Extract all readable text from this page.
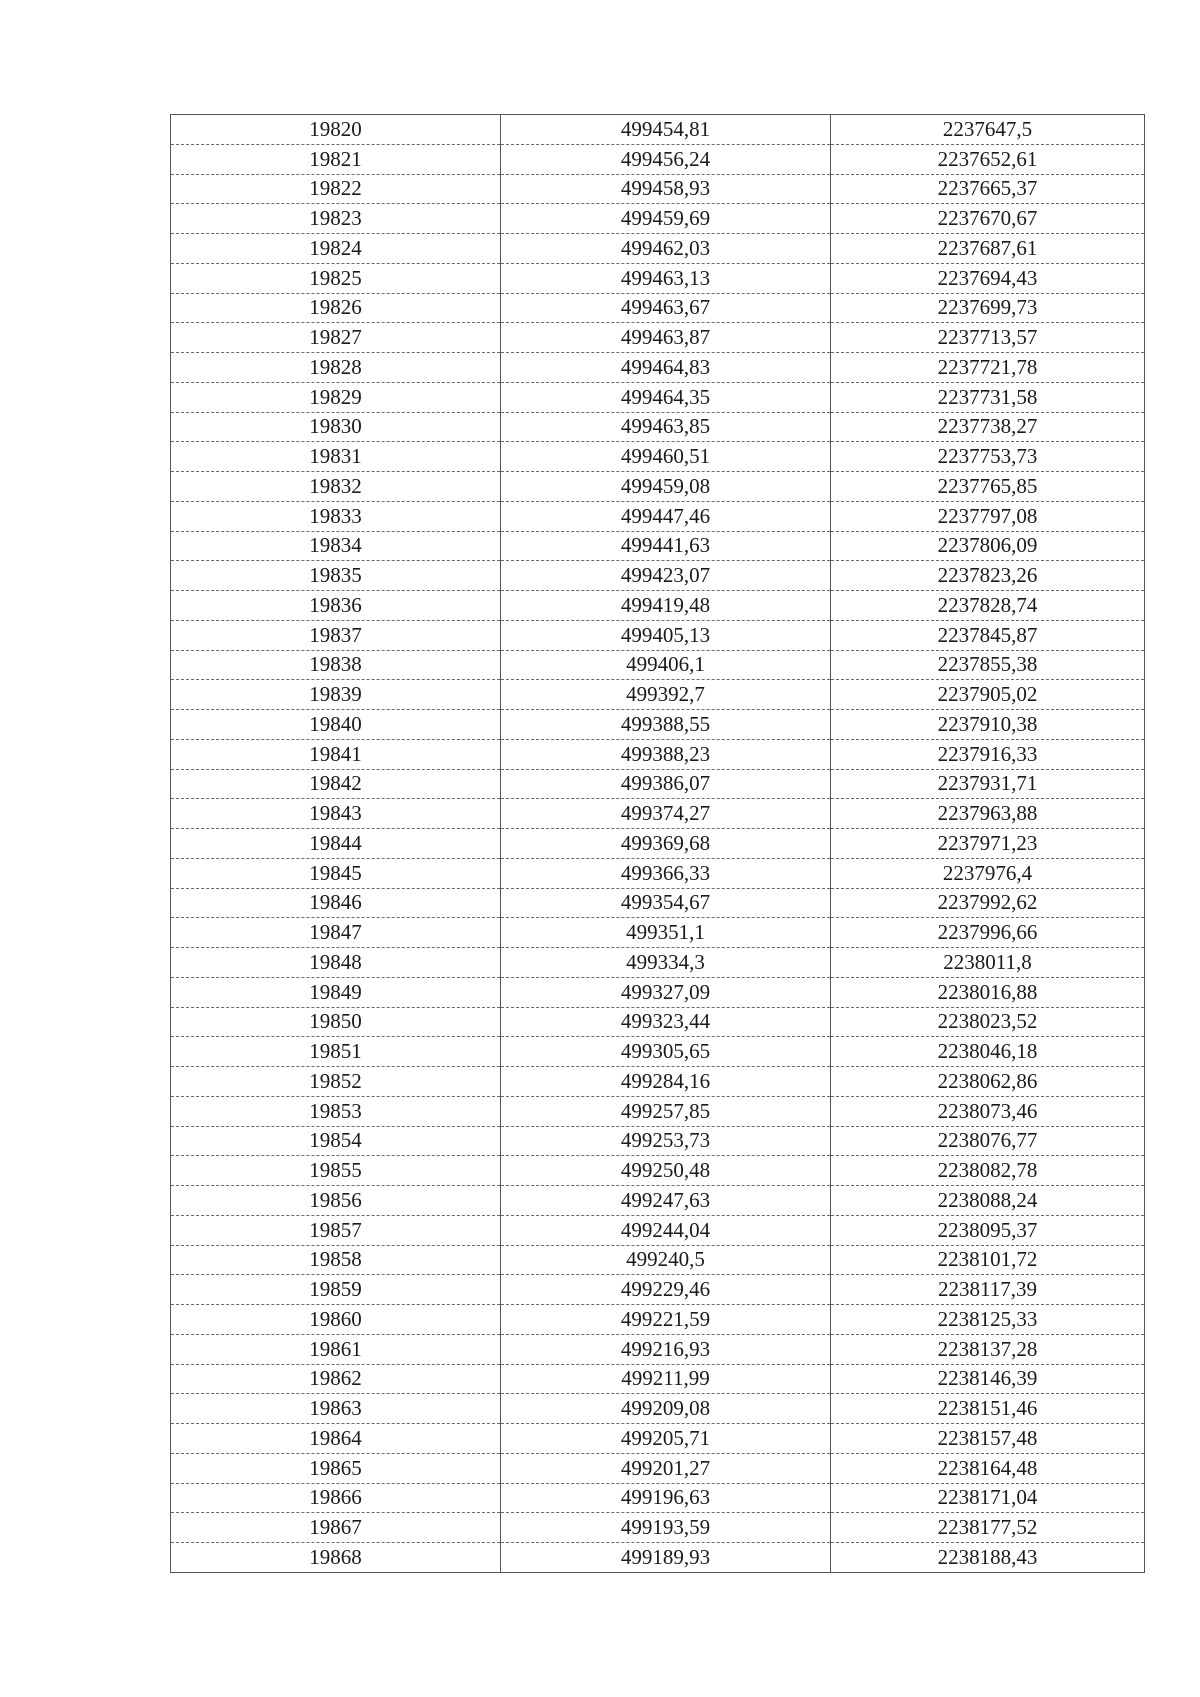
19820	499454,81	2237647,5
19821	499456,24	2237652,61
19822	499458,93	2237665,37
19823	499459,69	2237670,67
19824	499462,03	2237687,61
19825	499463,13	2237694,43
19826	499463,67	2237699,73
19827	499463,87	2237713,57
19828	499464,83	2237721,78
19829	499464,35	2237731,58
19830	499463,85	2237738,27
19831	499460,51	2237753,73
19832	499459,08	2237765,85
19833	499447,46	2237797,08
19834	499441,63	2237806,09
19835	499423,07	2237823,26
19836	499419,48	2237828,74
19837	499405,13	2237845,87
19838	499406,1	2237855,38
19839	499392,7	2237905,02
19840	499388,55	2237910,38
19841	499388,23	2237916,33
19842	499386,07	2237931,71
19843	499374,27	2237963,88
19844	499369,68	2237971,23
19845	499366,33	2237976,4
19846	499354,67	2237992,62
19847	499351,1	2237996,66
19848	499334,3	2238011,8
19849	499327,09	2238016,88
19850	499323,44	2238023,52
19851	499305,65	2238046,18
19852	499284,16	2238062,86
19853	499257,85	2238073,46
19854	499253,73	2238076,77
19855	499250,48	2238082,78
19856	499247,63	2238088,24
19857	499244,04	2238095,37
19858	499240,5	2238101,72
19859	499229,46	2238117,39
19860	499221,59	2238125,33
19861	499216,93	2238137,28
19862	499211,99	2238146,39
19863	499209,08	2238151,46
19864	499205,71	2238157,48
19865	499201,27	2238164,48
19866	499196,63	2238171,04
19867	499193,59	2238177,52
19868	499189,93	2238188,43
